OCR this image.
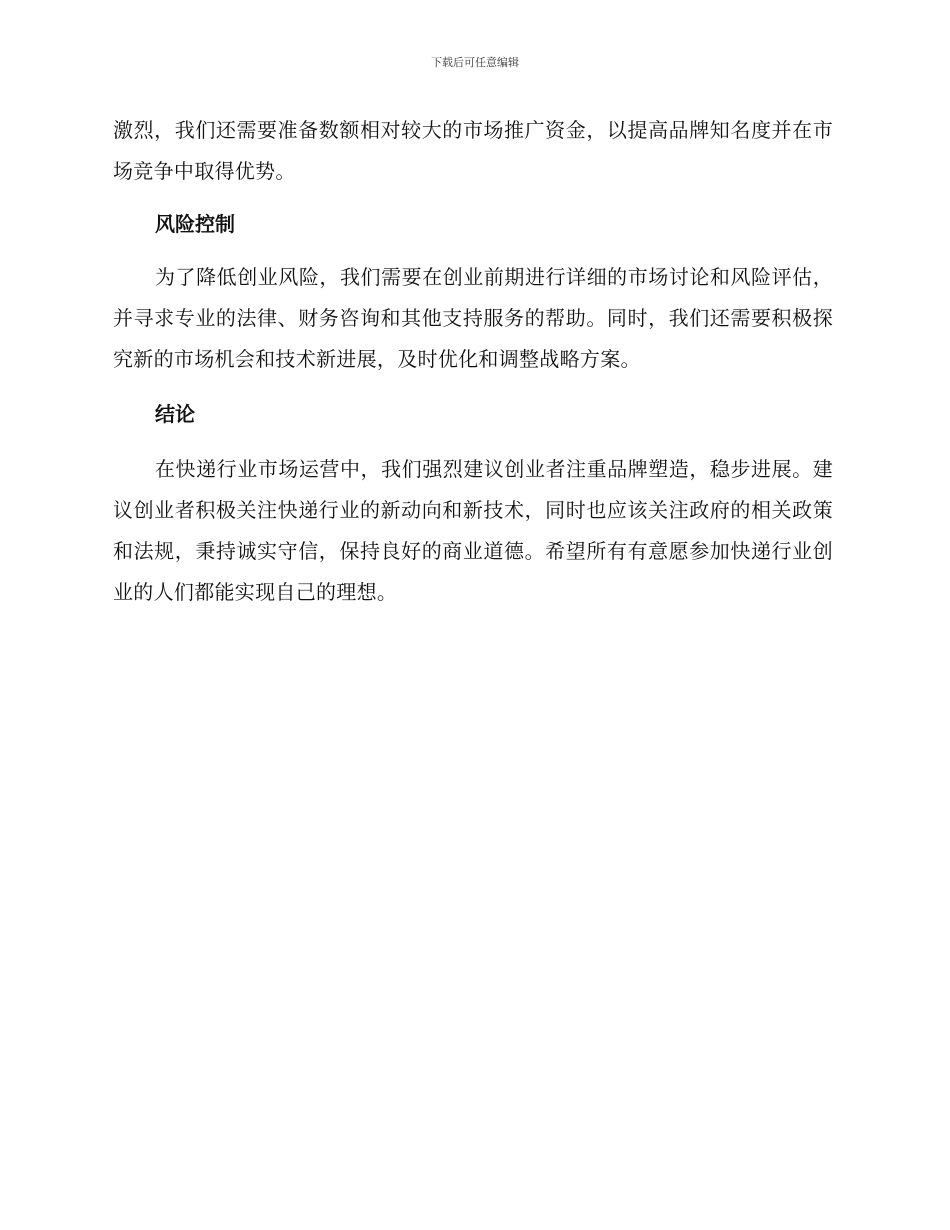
下载后可任意编辑

激烈，我们还需要准备数额相对较大的市场推广资金，以提高品牌知名度并在市场竞争中取得优势。

风险控制

为了降低创业风险，我们需要在创业前期进行详细的市场讨论和风险评估，并寻求专业的法律、财务咨询和其他支持服务的帮助。同时，我们还需要积极探究新的市场机会和技术新进展，及时优化和调整战略方案。

结论

在快递行业市场运营中，我们强烈建议创业者注重品牌塑造，稳步进展。建议创业者积极关注快递行业的新动向和新技术，同时也应该关注政府的相关政策和法规，秉持诚实守信，保持良好的商业道德。希望所有有意愿参加快递行业创业的人们都能实现自己的理想。
